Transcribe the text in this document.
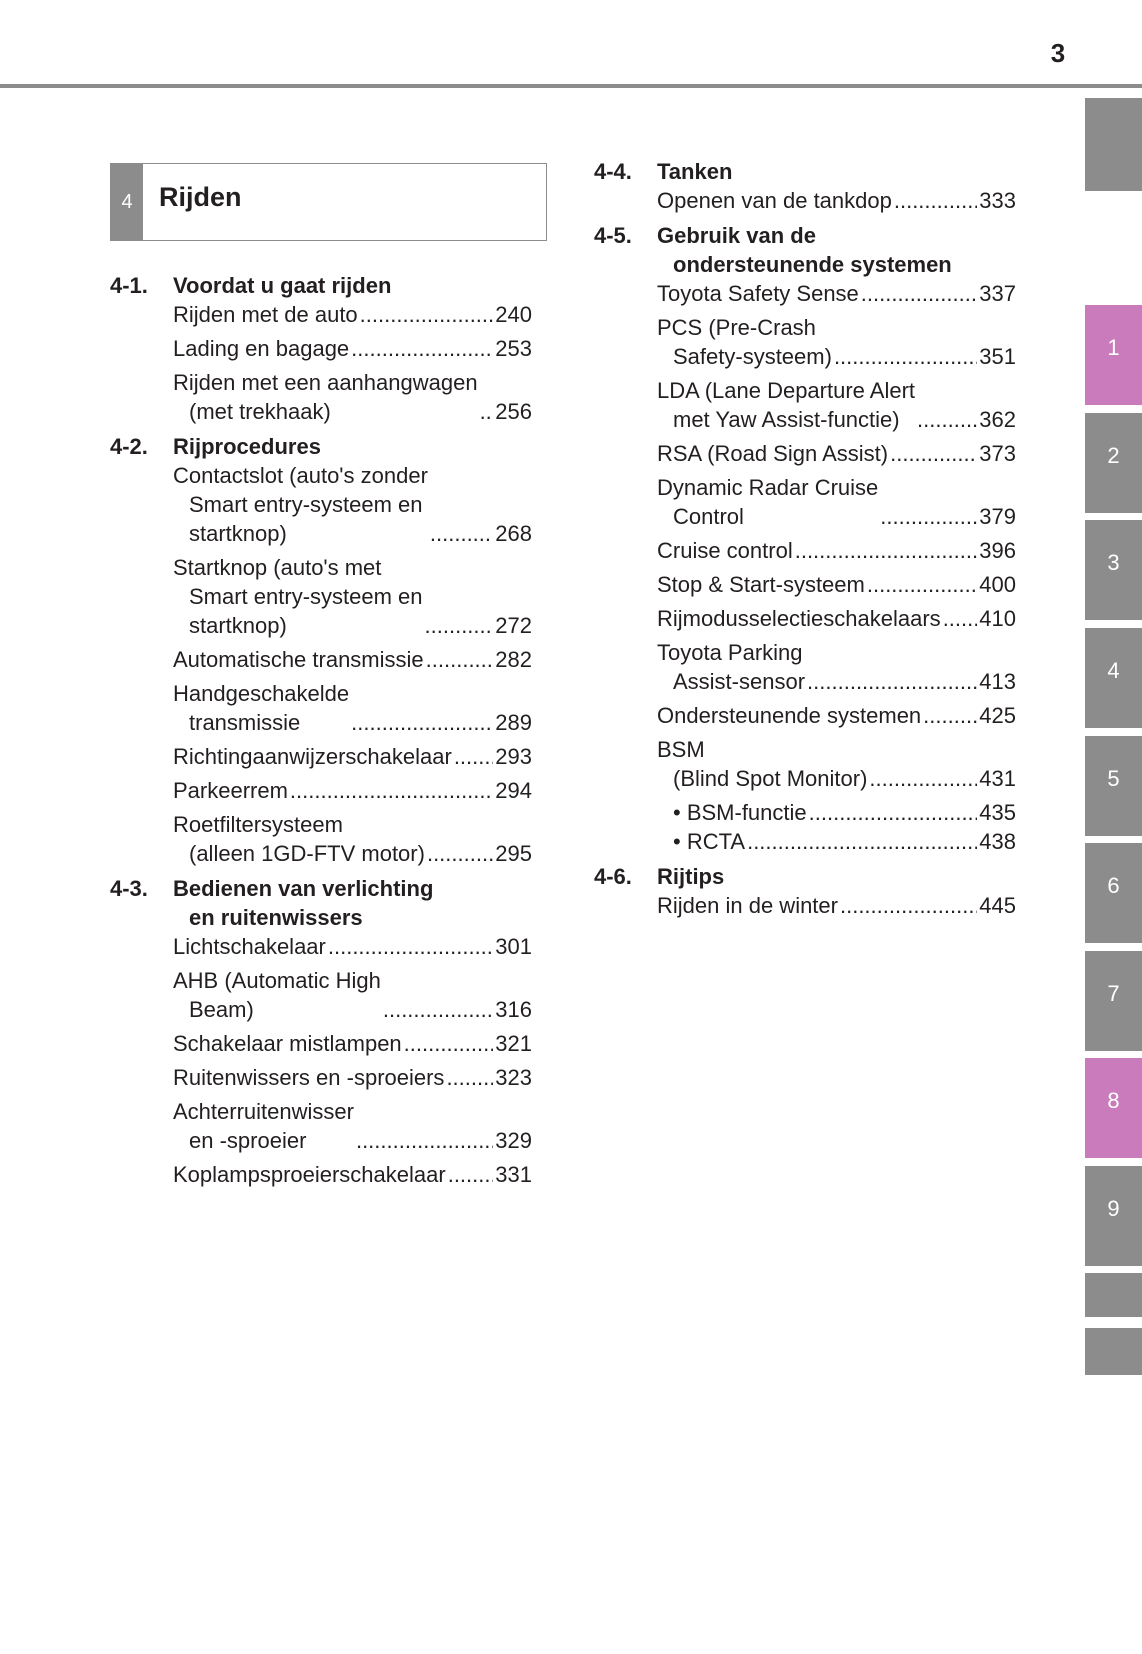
3
1
2
3
4
5
6
7
8
9
4 Rijden
4-1. Voordat u gaat rijden
Rijden met de auto .....	240
Lading en bagage .....	253
Rijden met een aanhangwagen
(met trekhaak) .....	256
4-2. Rijprocedures
Contactslot (auto's zonder
Smart entry-systeem en
startknop) .....	268
Startknop (auto's met
Smart entry-systeem en
startknop) .....	272
Automatische transmissie .....	282
Handgeschakelde
transmissie .....	289
Richtingaanwijzerschakelaar ..... 293
Parkeerrem .....	294
Roetfiltersysteem
(alleen 1GD-FTV motor) .....	295
4-3. Bedienen van verlichting
en ruitenwissers
Lichtschakelaar .....	301
AHB (Automatic High
Beam) .....	316
Schakelaar mistlampen .....	321
Ruitenwissers en -sproeiers ..... 323
Achterruitenwisser
en -sproeier .....	329
Koplampsproeierschakelaar ..... 331
4-4. Tanken
Openen van de tankdop .....	333
4-5. Gebruik van de
ondersteunende systemen
Toyota Safety Sense .....	337
PCS (Pre-Crash
Safety-systeem) .....	351
LDA (Lane Departure Alert
met Yaw Assist-functie) .....	362
RSA (Road Sign Assist) .....	373
Dynamic Radar Cruise
Control .....	379
Cruise control .....	396
Stop & Start-systeem .....	400
Rijmodusselectieschakelaars ..... 410
Toyota Parking
Assist-sensor .....	413
Ondersteunende systemen .....	425
BSM
(Blind Spot Monitor) .....	431
• BSM-functie .....	435
• RCTA .....	438
4-6. Rijtips
Rijden in de winter .....	445
